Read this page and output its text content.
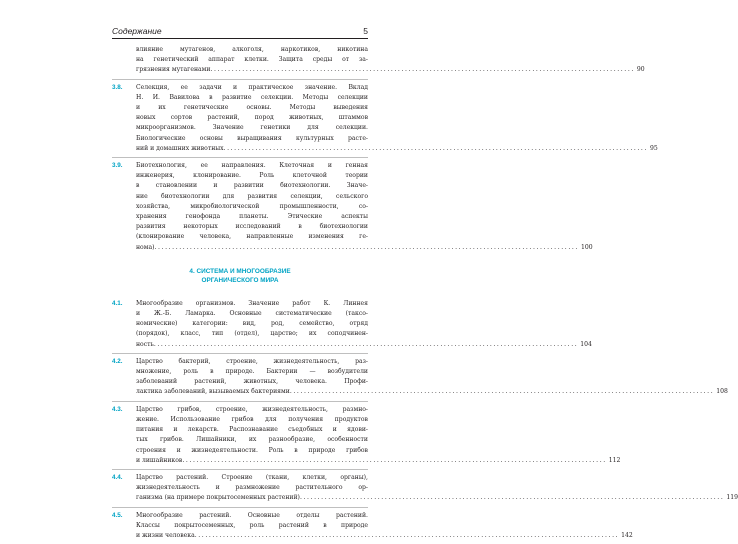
Содержание	5
влияние мутагенов, алкоголя, наркотиков, никотина
на генетический аппарат клетки. Защита среды от за-
грязнения мутагенами ........................................................................................................................ 90
3.8. Селекция, ее задачи и практическое значение. Вклад
Н. И. Вавилова в развитие селекции. Методы селекции
и их генетические основы. Методы выведения
новых сортов растений, пород животных, штаммов
микроорганизмов. Значение генетики для селекции.
Биологические основы выращивания культурных расте-
ний и домашних животных ........................................................................................................................ 95
3.9. Биотехнология, ее направления. Клеточная и генная
инженерия, клонирование. Роль клеточной теории
в становлении и развитии биотехнологии. Значе-
ние биотехнологии для развития селекции, сельского
хозяйства, микробиологической промышленности, со-
хранения генофонда планеты. Этические аспекты
развития некоторых исследований в биотехнологии
(клонирование человека, направленные изменения ге-
нома) ........................................................................................................................ 100
4. СИСТЕМА И МНОГООБРАЗИЕ
ОРГАНИЧЕСКОГО МИРА
4.1. Многообразие организмов. Значение работ К. Линнея
и Ж.-Б. Ламарка. Основные систематические (таксо-
номические) категории: вид, род, семейство, отряд
(порядок), класс, тип (отдел), царство; их соподчинен-
ность ........................................................................................................................ 104
4.2. Царство бактерий, строение, жизнедеятельность, раз-
множение, роль в природе. Бактерии — возбудители
заболеваний растений, животных, человека. Профи-
лактика заболеваний, вызываемых бактериями ........................................................................................................................ 108
4.3. Царство грибов, строение, жизнедеятельность, размно-
жение. Использование грибов для получения продуктов
питания и лекарств. Распознавание съедобных и ядови-
тых грибов. Лишайники, их разнообразие, особенности
строения и жизнедеятельности. Роль в природе грибов
и лишайников ........................................................................................................................ 112
4.4. Царство растений. Строение (ткани, клетки, органы),
жизнедеятельность и размножение растительного ор-
ганизма (на примере покрытосеменных растений) ........................................................................................................................ 119
4.5. Многообразие растений. Основные отделы растений.
Классы покрытосеменных, роль растений в природе
и жизни человека ........................................................................................................................ 142
